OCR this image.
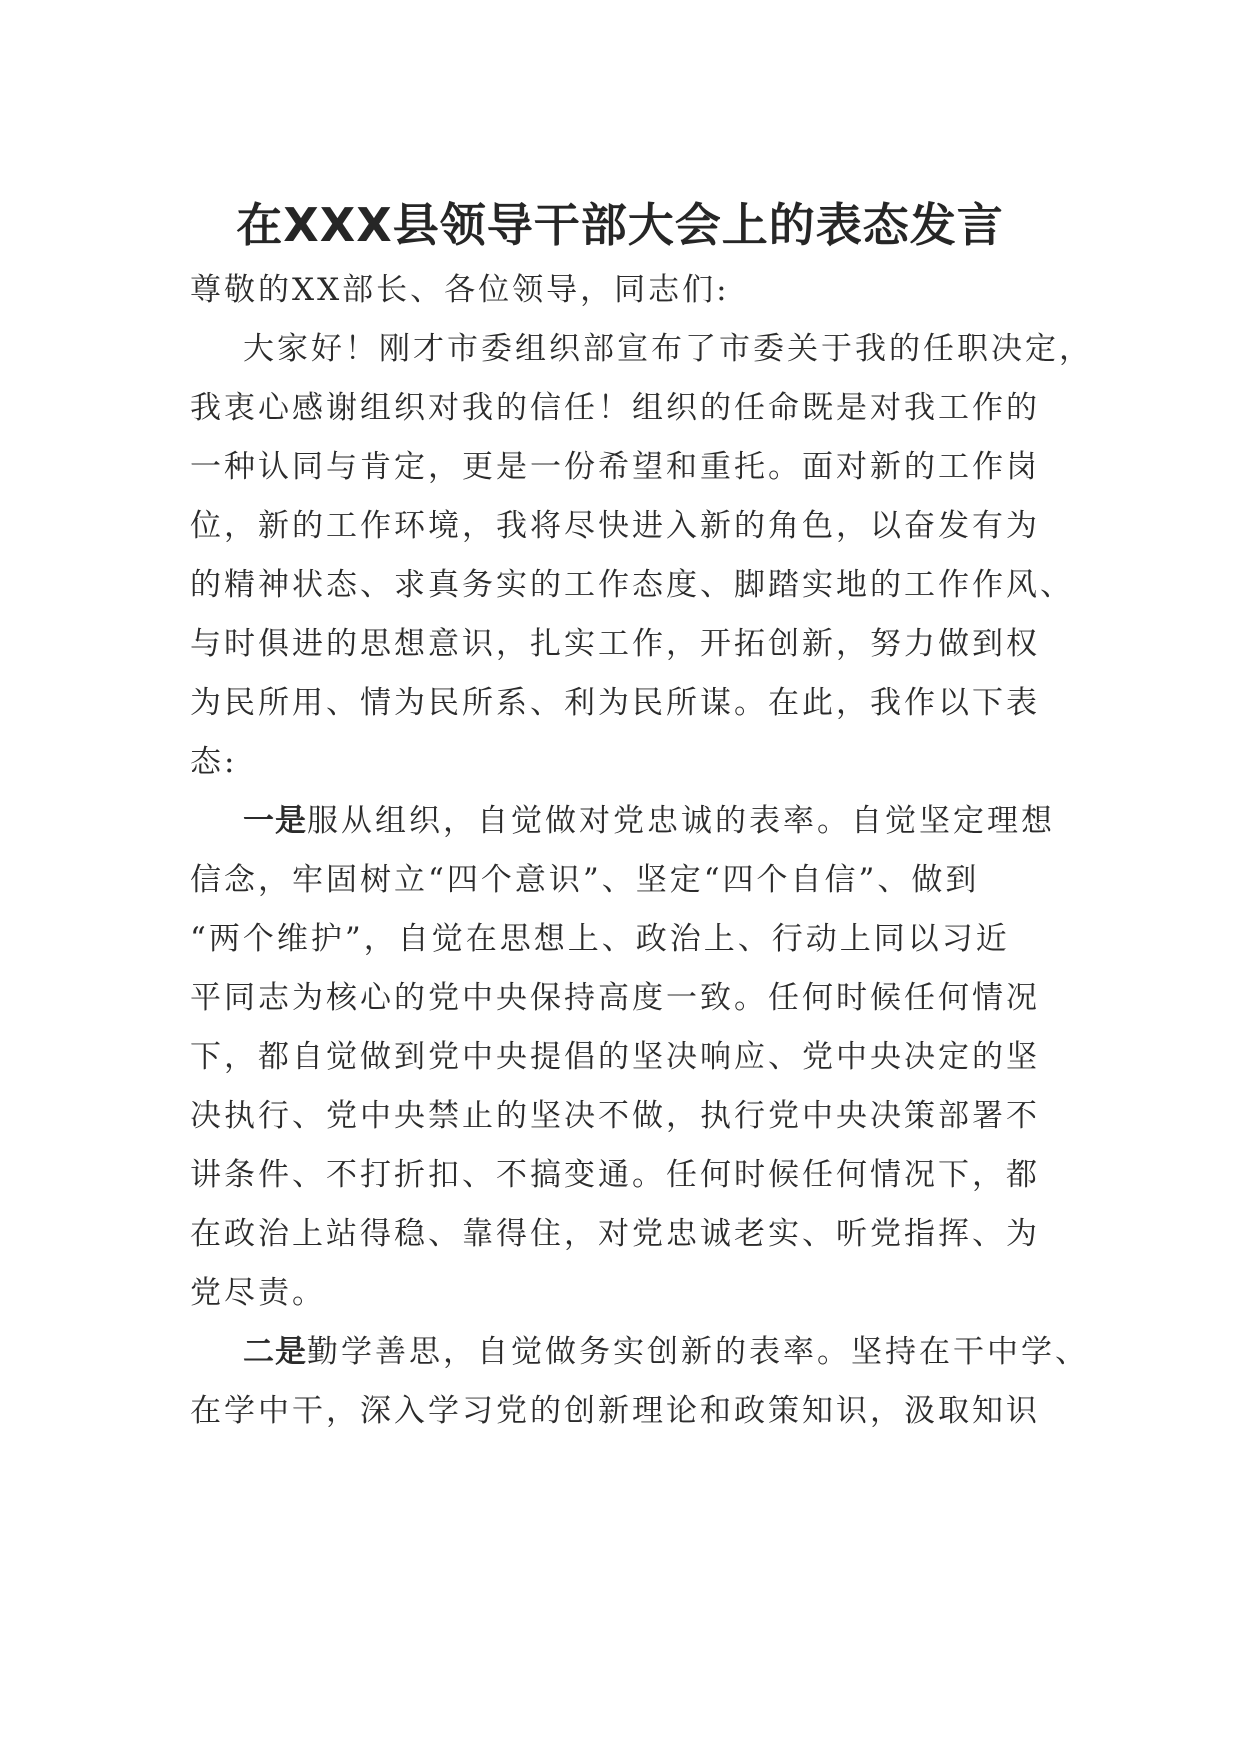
在XXX县领导干部大会上的表态发言
尊敬的XX部长、各位领导，同志们:
大家好！刚才市委组织部宣布了市委关于我的任职决定，
我衷心感谢组织对我的信任！组织的任命既是对我工作的
一种认同与肯定，更是一份希望和重托。面对新的工作岗
位，新的工作环境，我将尽快进入新的角色，以奋发有为
的精神状态、求真务实的工作态度、脚踏实地的工作作风、
与时俱进的思想意识，扎实工作，开拓创新，努力做到权
为民所用、情为民所系、利为民所谋。在此，我作以下表
态:
一是服从组织，自觉做对党忠诚的表率。自觉坚定理想
信念，牢固树立“四个意识”、坚定“四个自信”、做到
“两个维护”，自觉在思想上、政治上、行动上同以习近
平同志为核心的党中央保持高度一致。任何时候任何情况
下，都自觉做到党中央提倡的坚决响应、党中央决定的坚
决执行、党中央禁止的坚决不做，执行党中央决策部署不
讲条件、不打折扣、不搞变通。任何时候任何情况下，都
在政治上站得稳、靠得住，对党忠诚老实、听党指挥、为
党尽责。
二是勤学善思，自觉做务实创新的表率。坚持在干中学、
在学中干，深入学习党的创新理论和政策知识，汲取知识
